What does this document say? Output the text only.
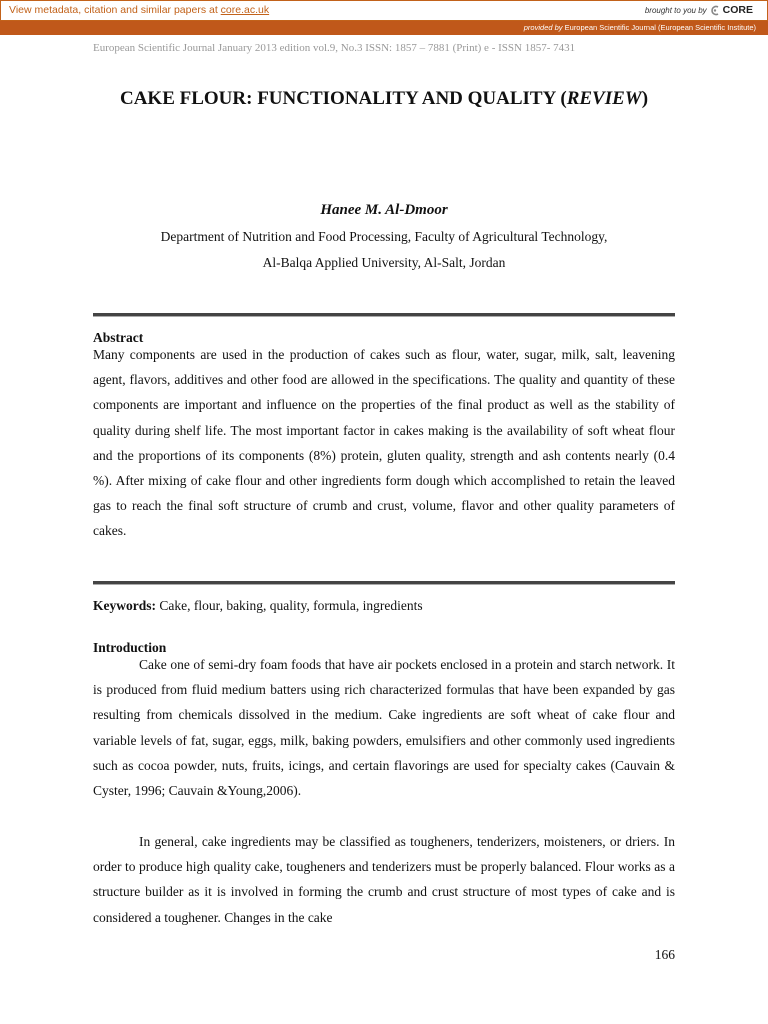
View metadata, citation and similar papers at core.ac.uk	brought to you by CORE
provided by European Scientific Journal (European Scientific Institute)
European Scientific Journal January 2013 edition vol.9, No.3 ISSN: 1857 – 7881 (Print) e - ISSN 1857- 7431
CAKE FLOUR: FUNCTIONALITY AND QUALITY (REVIEW)
Hanee M. Al-Dmoor
Department of Nutrition and Food Processing, Faculty of Agricultural Technology,
Al-Balqa Applied University, Al-Salt, Jordan
Abstract
Many components are used in the production of cakes such as flour, water, sugar, milk, salt, leavening agent, flavors, additives and other food are allowed in the specifications. The quality and quantity of these components are important and influence on the properties of the final product as well as the stability of quality during shelf life. The most important factor in cakes making is the availability of soft wheat flour and the proportions of its components (8%) protein, gluten quality, strength and ash contents nearly (0.4 %). After mixing of cake flour and other ingredients form dough which accomplished to retain the leaved gas to reach the final soft structure of crumb and crust, volume, flavor and other quality parameters of cakes.
Keywords: Cake, flour, baking, quality, formula, ingredients
Introduction
Cake one of semi-dry foam foods that have air pockets enclosed in a protein and starch network. It is produced from fluid medium batters using rich characterized formulas that have been expanded by gas resulting from chemicals dissolved in the medium. Cake ingredients are soft wheat of cake flour and variable levels of fat, sugar, eggs, milk, baking powders, emulsifiers and other commonly used ingredients such as cocoa powder, nuts, fruits, icings, and certain flavorings are used for specialty cakes (Cauvain & Cyster, 1996; Cauvain &Young,2006).
In general, cake ingredients may be classified as tougheners, tenderizers, moisteners, or driers. In order to produce high quality cake, tougheners and tenderizers must be properly balanced. Flour works as a structure builder as it is involved in forming the crumb and crust structure of most types of cake and is considered a toughener. Changes in the cake
166
